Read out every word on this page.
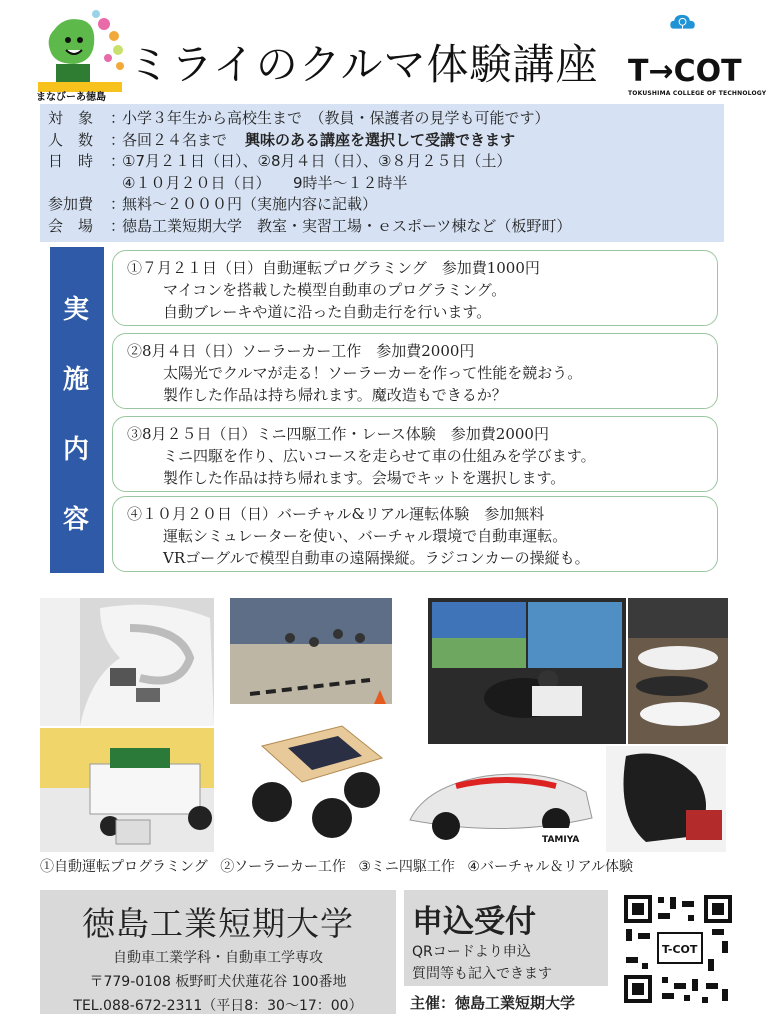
まなびーあ徳島
ミライのクルマ体験講座 T→COT
TOKUSHIMA COLLEGE OF TECHNOLOGY
対　象	：
小学３年生から高校生まで　（教員・保護者の見学も可能です）
人　数	：
各回２４名まで 興味のある講座を選択して受講できます
日　時	：
①7月２１日（日）、②8月４日（日）、③８月２５日（土）
④１０月２０日（日）　　9時半～１２時半
参加費	：
無料～２０００円（実施内容に記載）
会　場	：
徳島工業短期大学　教室・実習工場・ｅスポーツ棟など（板野町）
実
施
内
容
①７月２１日（日）自動運転プログラミング　参加費1000円
マイコンを搭載した模型自動車のプログラミング。
自動ブレーキや道に沿った自動走行を行います。
②8月４日（日）ソーラーカー工作　参加費2000円
太陽光でクルマが走る！ソーラーカーを作って性能を競おう。
製作した作品は持ち帰れます。魔改造もできるか？
③8月２５日（日）ミニ四駆工作・レース体験　参加費2000円
ミニ四駆を作り、広いコースを走らせて車の仕組みを学びます。
製作した作品は持ち帰れます。会場でキットを選択します。
④１０月２０日（日）バーチャル&リアル運転体験　参加無料
運転シミュレーターを使い、バーチャル環境で自動車運転。
VRゴーグルで模型自動車の遠隔操縦。ラジコンカーの操縦も。
TAMIYA
①自動運転プログラミング ②ソーラーカー工作 ③ミニ四駆工作 ④バーチャル＆リアル体験
徳島工業短期大学
自動車工業学科・自動車工学専攻
〒779-0108 板野町犬伏蓮花谷 100番地
TEL.088-672-2311（平日8：30～17：00）
申込受付
QRコードより申込
質問等も記入できます
主催：徳島工業短期大学
T-COT
